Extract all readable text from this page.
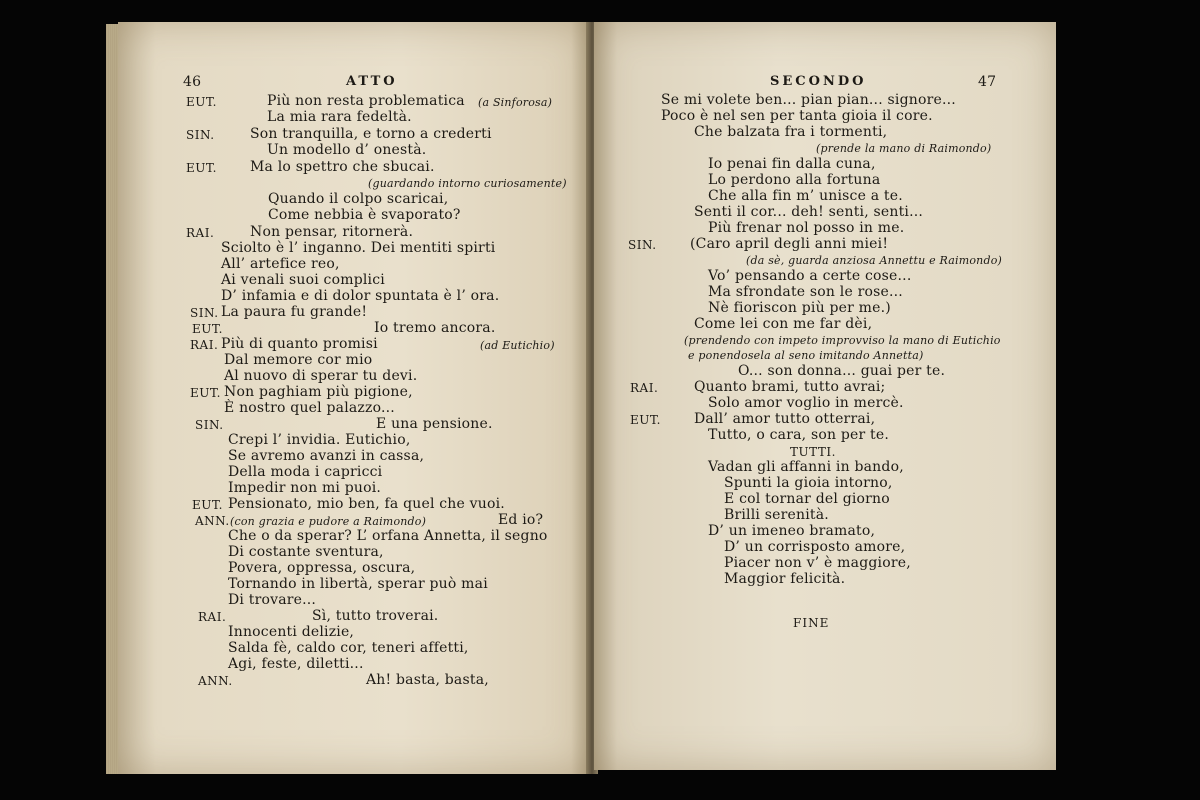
46	ATTO
EUT.	Più non resta problematica (a Sinforosa)
La mia rara fedeltà.
SIN.	Son tranquilla, e torno a crederti
Un modello d’ onestà.
EUT. Ma lo spettro che sbucai.
(guardando intorno curiosamente)
Quando il colpo scaricai,
Come nebbia è svaporato?
RAI.	Non pensar, ritornerà.
Sciolto è l’ inganno. Dei mentiti spirti
All’ artefice reo,
Ai venali suoi complici
D’ infamia e di dolor spuntata è l’ ora.
SIN. La paura fu grande!
EUT.	Io tremo ancora.
RAI. Più di quanto promisi	(ad Eutichio)
Dal memore cor mio
Al nuovo di sperar tu devi.
EUT. Non paghiam più pigione,
È nostro quel palazzo...
SIN.	E una pensione.
Crepi l’ invidia. Eutichio,
Se avremo avanzi in cassa,
Della moda i capricci
Impedir non mi puoi.
EUT. Pensionato, mio ben, fa quel che vuoi.
ANN. (con grazia e pudore a Raimondo)	Ed io?
Che o da sperar? L’ orfana Annetta, il segno
Di costante sventura,
Povera, oppressa, oscura,
Tornando in libertà, sperar può mai
Di trovare...
RAI.	Sì, tutto troverai.
Innocenti delizie,
Salda fè, caldo cor, teneri affetti,
Agi, feste, diletti...
ANN.	Ah! basta, basta,
SECONDO	47
Se mi volete ben... pian pian... signore...
Poco è nel sen per tanta gioia il core.
Che balzata fra i tormenti,
(prende la mano di Raimondo)
Io penai fin dalla cuna,
Lo perdono alla fortuna
Che alla fin m’ unisce a te.
Senti il cor... deh! senti, senti...
Più frenar nol posso in me.
SIN. (Caro april degli anni miei!
(da sè, guarda anziosa Annettu e Raimondo)
Vo’ pensando a certe cose...
Ma sfrondate son le rose...
Nè fioriscon più per me.)
Come lei con me far dèi,
(prendendo con impeto improvviso la mano di Eutichio
e ponendosela al seno imitando Annetta)
O... son donna... guai per te.
RAI.	Quanto brami, tutto avrai;
Solo amor voglio in mercè.
EUT. Dall’ amor tutto otterrai,
Tutto, o cara, son per te.
TUTTI.
Vadan gli affanni in bando,
Spunti la gioia intorno,
E col tornar del giorno
Brilli serenità.
D’ un imeneo bramato,
D’ un corrisposto amore,
Piacer non v’ è maggiore,
Maggior felicità.
FINE
